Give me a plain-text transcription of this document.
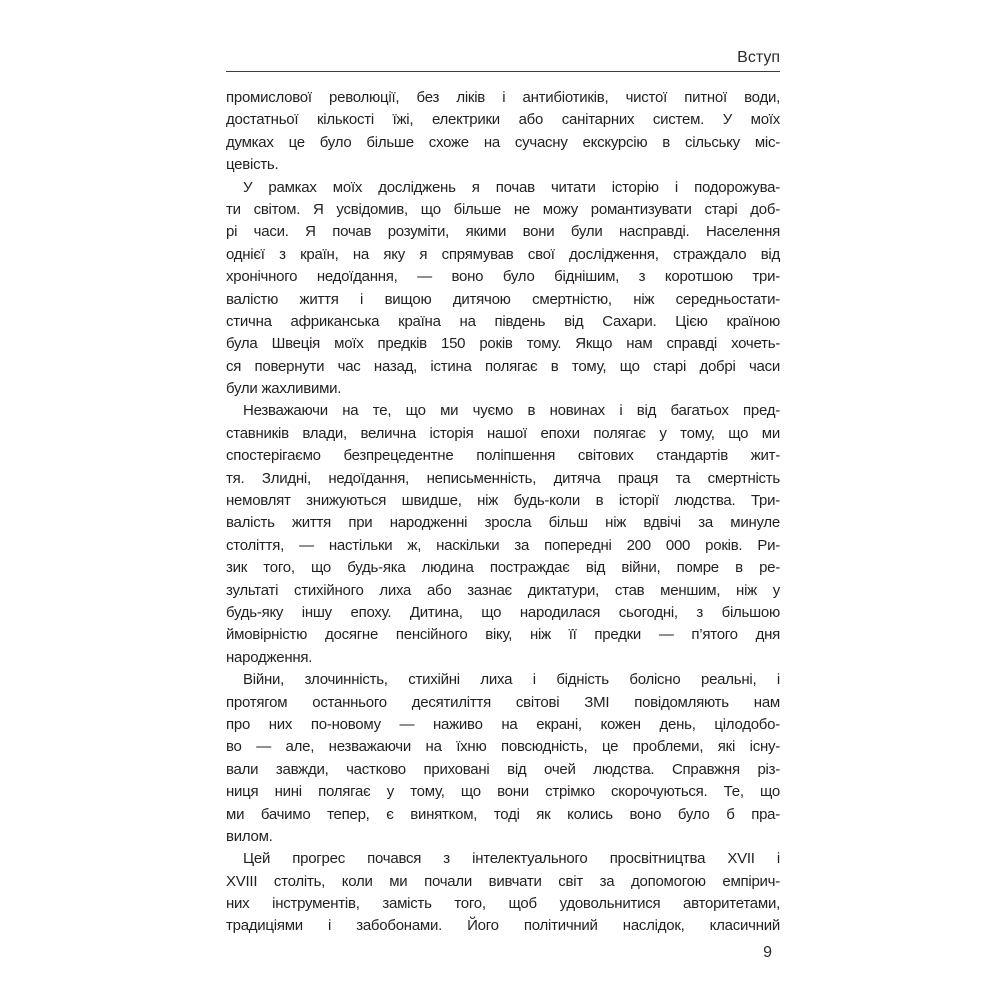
Вступ
промислової революції, без ліків і антибіотиків, чистої питної води,
достатньої кількості їжі, електрики або санітарних систем. У моїх
думках це було більше схоже на сучасну екскурсію в сільську міс-
цевість.
У рамках моїх досліджень я почав читати історію і подорожува-
ти світом. Я усвідомив, що більше не можу романтизувати старі доб-
рі часи. Я почав розуміти, якими вони були насправді. Населення
однієї з країн, на яку я спрямував свої дослідження, страждало від
хронічного недоїдання, — воно було біднішим, з коротшою три-
валістю життя і вищою дитячою смертністю, ніж середньостати-
стична африканська країна на південь від Сахари. Цією країною
була Швеція моїх предків 150 років тому. Якщо нам справді хочеть-
ся повернути час назад, істина полягає в тому, що старі добрі часи
були жахливими.
Незважаючи на те, що ми чуємо в новинах і від багатьох пред-
ставників влади, велична історія нашої епохи полягає у тому, що ми
спостерігаємо безпрецедентне поліпшення світових стандартів жит-
тя. Злидні, недоїдання, неписьменність, дитяча праця та смертність
немовлят знижуються швидше, ніж будь-коли в історії людства. Три-
валість життя при народженні зросла більш ніж вдвічі за минуле
століття, — настільки ж, наскільки за попередні 200 000 років. Ри-
зик того, що будь-яка людина постраждає від війни, помре в ре-
зультаті стихійного лиха або зазнає диктатури, став меншим, ніж у
будь-яку іншу епоху. Дитина, що народилася сьогодні, з більшою
ймовірністю досягне пенсійного віку, ніж її предки — п’ятого дня
народження.
Війни, злочинність, стихійні лиха і бідність болісно реальні, і
протягом останнього десятиліття світові ЗМІ повідомляють нам
про них по-новому — наживо на екрані, кожен день, цілодобо-
во — але, незважаючи на їхню повсюдність, це проблеми, які існу-
вали завжди, частково приховані від очей людства. Справжня різ-
ниця нині полягає у тому, що вони стрімко скорочуються. Те, що
ми бачимо тепер, є винятком, тоді як колись воно було б пра-
вилом.
Цей прогрес почався з інтелектуального просвітництва XVII і
XVIII століть, коли ми почали вивчати світ за допомогою емпірич-
них інструментів, замість того, щоб удовольнитися авторитетами,
традиціями і забобонами. Його політичний наслідок, класичний
9
